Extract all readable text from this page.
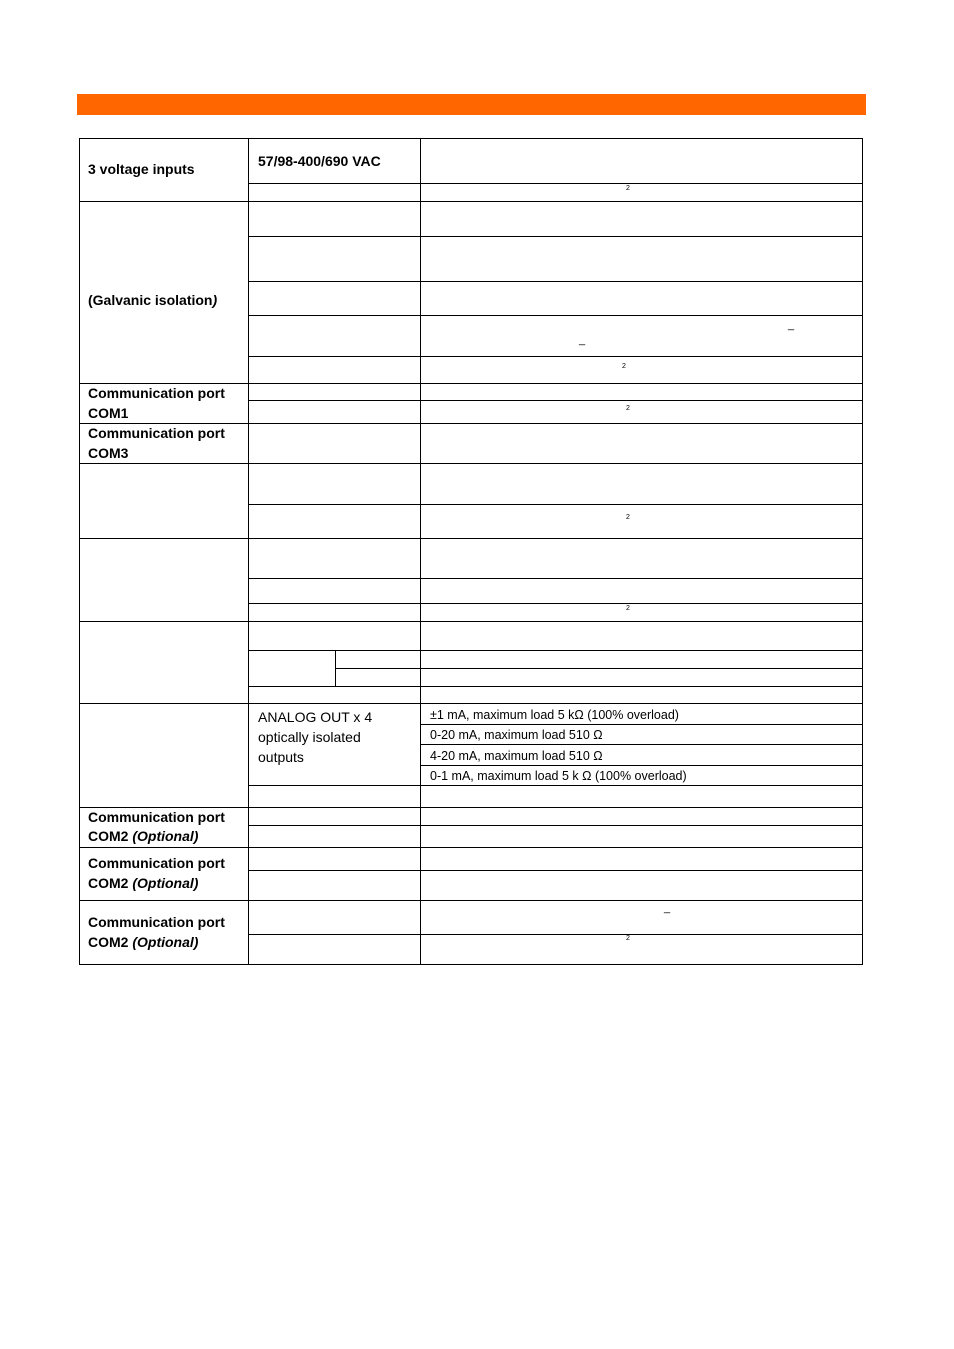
3 voltage inputs	57/98-400/690 VAC
2
(Galvanic isolation)
_
_
2
Communication port
COM1	2
Communication port
COM3
2
2
ANALOG OUT x 4
optically isolated
outputs
±1 mA, maximum load 5 kΩ (100% overload)
0-20 mA, maximum load 510 Ω
4-20 mA, maximum load 510 Ω
0-1 mA, maximum load 5 k Ω (100% overload)
Communication port
COM2 (Optional)
Communication port
COM2 (Optional)
Communication port
COM2 (Optional)
_
2
